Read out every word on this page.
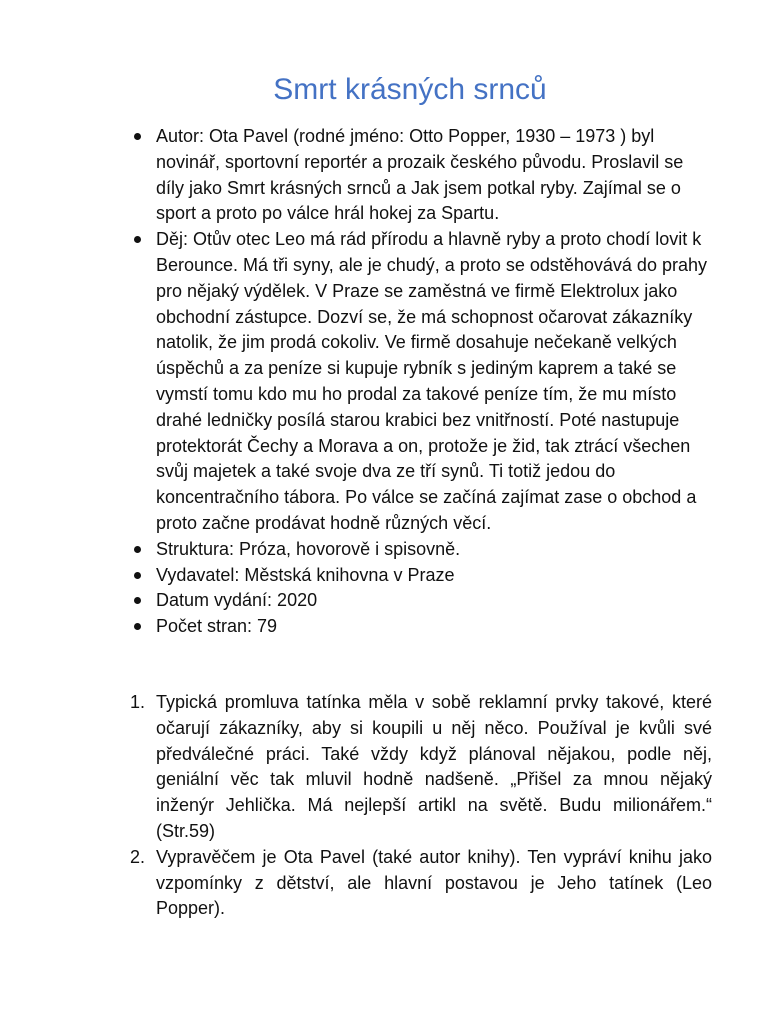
Smrt krásných srnců
Autor: Ota Pavel (rodné jméno: Otto Popper, 1930 – 1973 ) byl novinář, sportovní reportér a prozaik českého původu. Proslavil se díly jako Smrt krásných srnců a Jak jsem potkal ryby. Zajímal se o sport a proto po válce hrál hokej za Spartu.
Děj: Otův otec Leo má rád přírodu a hlavně ryby a proto chodí lovit k Berounce. Má tři syny, ale je chudý, a proto se odstěhovává do prahy pro nějaký výdělek. V Praze se zaměstná ve firmě Elektrolux jako obchodní zástupce. Dozví se, že má schopnost očarovat zákazníky natolik, že jim prodá cokoliv. Ve firmě dosahuje nečekaně velkých úspěchů a za peníze si kupuje rybník s jediným kaprem a také se vymstí tomu kdo mu ho prodal za takové peníze tím, že mu místo drahé ledničky posílá starou krabici bez vnitřností. Poté nastupuje protektorát Čechy a Morava a on, protože je žid, tak ztrácí všechen svůj majetek a také svoje dva ze tří synů. Ti totiž jedou do koncentračního tábora. Po válce se začíná zajímat zase o obchod a proto začne prodávat hodně různých věcí.
Struktura: Próza, hovorově i spisovně.
Vydavatel: Městská knihovna v Praze
Datum vydání: 2020
Počet stran: 79
1. Typická promluva tatínka měla v sobě reklamní prvky takové, které očarují zákazníky, aby si koupili u něj něco. Používal je kvůli své předválečné práci. Také vždy když plánoval nějakou, podle něj, geniální věc tak mluvil hodně nadšeně. „Přišel za mnou nějaký inženýr Jehlička. Má nejlepší artikl na světě. Budu milionářem.“ (Str.59)
2. Vypravěčem je Ota Pavel (také autor knihy). Ten vypráví knihu jako vzpomínky z dětství, ale hlavní postavou je Jeho tatínek (Leo Popper).
